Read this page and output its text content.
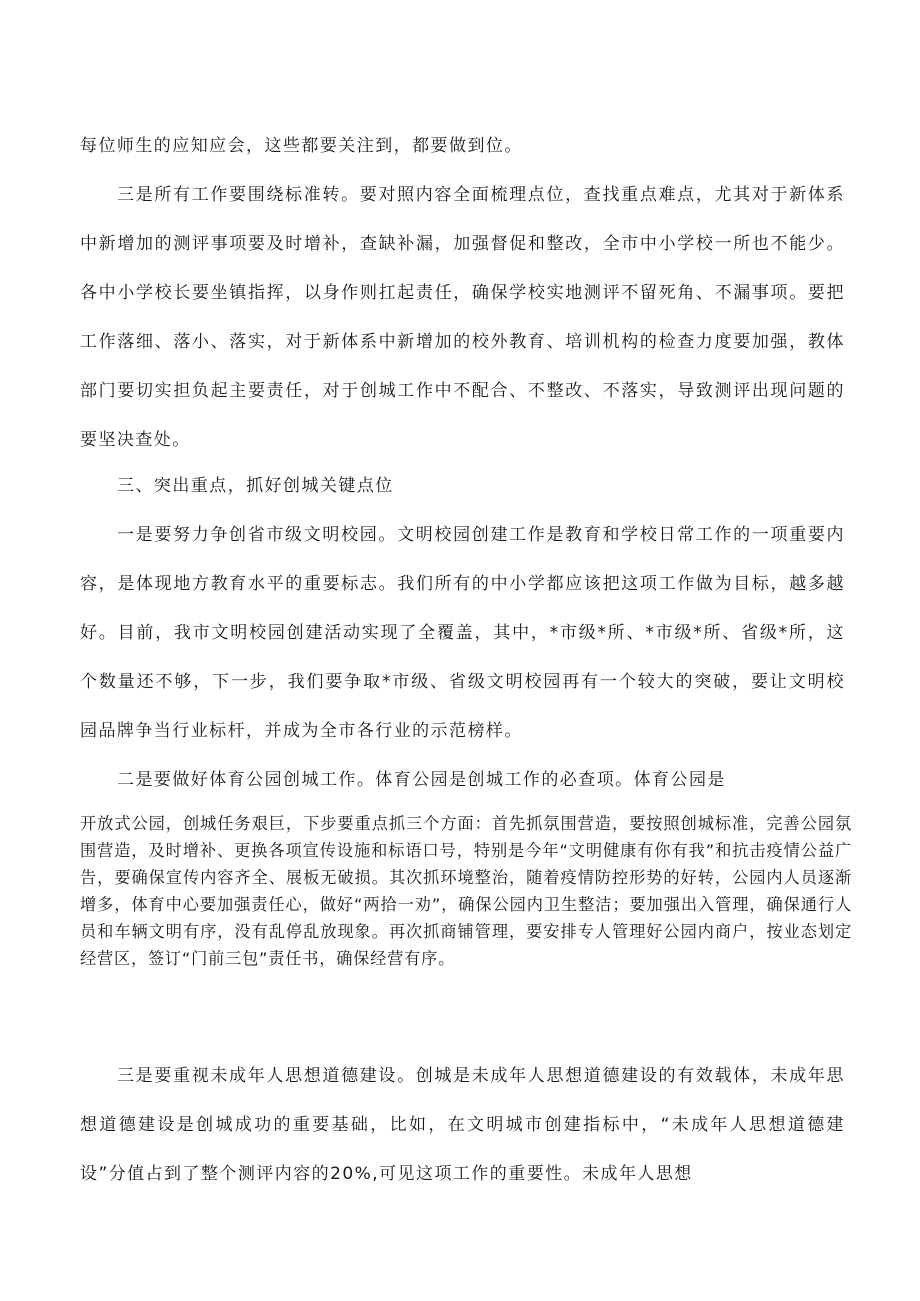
每位师生的应知应会，这些都要关注到，都要做到位。

三是所有工作要围绕标准转。要对照内容全面梳理点位，查找重点难点，尤其对于新体系中新增加的测评事项要及时增补，查缺补漏，加强督促和整改，全市中小学校一所也不能少。各中小学校长要坐镇指挥，以身作则扛起责任，确保学校实地测评不留死角、不漏事项。要把工作落细、落小、落实，对于新体系中新增加的校外教育、培训机构的检查力度要加强，教体部门要切实担负起主要责任，对于创城工作中不配合、不整改、不落实，导致测评出现问题的要坚决查处。

三、突出重点，抓好创城关键点位

一是要努力争创省市级文明校园。文明校园创建工作是教育和学校日常工作的一项重要内容，是体现地方教育水平的重要标志。我们所有的中小学都应该把这项工作做为目标，越多越好。目前，我市文明校园创建活动实现了全覆盖，其中，*市级*所、*市级*所、省级*所，这个数量还不够，下一步，我们要争取*市级、省级文明校园再有一个较大的突破，要让文明校园品牌争当行业标杆，并成为全市各行业的示范榜样。

二是要做好体育公园创城工作。体育公园是创城工作的必查项。体育公园是

开放式公园，创城任务艰巨，下步要重点抓三个方面：首先抓氛围营造，要按照创城标准，完善公园氛围营造，及时增补、更换各项宣传设施和标语口号，特别是今年“文明健康有你有我”和抗击疫情公益广告，要确保宣传内容齐全、展板无破损。其次抓环境整治，随着疫情防控形势的好转，公园内人员逐渐增多，体育中心要加强责任心，做好“两拾一劝”，确保公园内卫生整洁；要加强出入管理，确保通行人员和车辆文明有序，没有乱停乱放现象。再次抓商铺管理，要安排专人管理好公园内商户，按业态划定经营区，签订“门前三包”责任书，确保经营有序。

三是要重视未成年人思想道德建设。创城是未成年人思想道德建设的有效载体，未成年思想道德建设是创城成功的重要基础，比如，在文明城市创建指标中，“未成年人思想道德建设”分值占到了整个测评内容的20%,可见这项工作的重要性。未成年人思想
